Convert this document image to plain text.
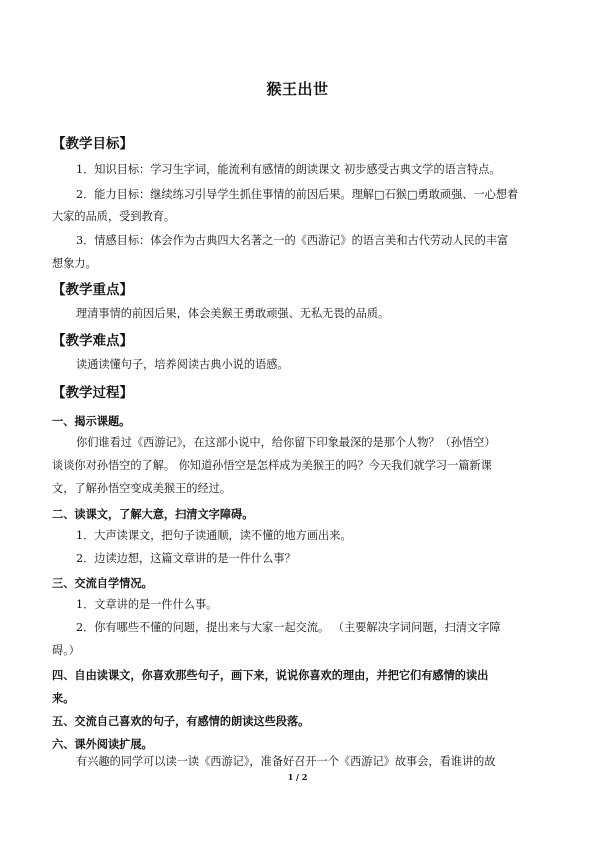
猴王出世
【教学目标】
1．知识目标：学习生字词，能流利有感情的朗读课文 初步感受古典文学的语言特点。
2．能力目标：继续练习引导学生抓住事情的前因后果。理解□石猴□勇敢顽强、一心想着
大家的品质，受到教育。
3．情感目标：体会作为古典四大名著之一的《西游记》的语言美和古代劳动人民的丰富
想象力。
【教学重点】
理清事情的前因后果，体会美猴王勇敢顽强、无私无畏的品质。
【教学难点】
读通读懂句子，培养阅读古典小说的语感。
【教学过程】
一、揭示课题。
你们谁看过《西游记》，在这部小说中，给你留下印象最深的是那个人物？（孙悟空）
谈谈你对孙悟空的了解。 你知道孙悟空是怎样成为美猴王的吗？今天我们就学习一篇新课
文，了解孙悟空变成美猴王的经过。
二、读课文，了解大意，扫清文字障碍。
1．大声读课文，把句子读通顺，读不懂的地方画出来。
2．边读边想，这篇文章讲的是一件什么事？
三、交流自学情况。
1．文章讲的是一件什么事。
2．你有哪些不懂的问题，提出来与大家一起交流。 （主要解决字词问题，扫清文字障
碍。）
四、自由读课文，你喜欢那些句子，画下来，说说你喜欢的理由，并把它们有感情的读出
来。
五、交流自己喜欢的句子，有感情的朗读这些段落。
六、课外阅读扩展。
有兴趣的同学可以读一读《西游记》，准备好召开一个《西游记》故事会，看谁讲的故
1 / 2
